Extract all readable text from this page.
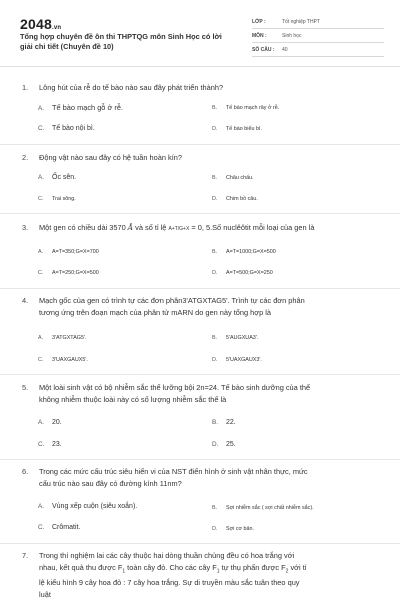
2048.vn
Tổng hợp chuyên đề ôn thi THPTQG môn Sinh Học có lời giải chi tiết (Chuyên đề 10)
LỚP :	Tốt nghiệp THPT
MÔN :	Sinh học
SỐ CÂU :	40
1. Lông hút của rễ do tế bào nào sau đây phát triển thành?
A. Tế bào mạch gỗ ở rễ.	B. Tế bào mạch rây ở rễ.
C. Tế bào nội bì.	D. Tế bào biểu bì.
2. Động vật nào sau đây có hệ tuần hoàn kín?
A. Ốc sên.	B. Châu chấu.
C. Trai sông.	D. Chim bồ câu.
3. Một gen có chiều dài 3570 Å và số tỉ lệ A+T/G+X = 0, 5.Số nuclêôtit mỗi loại của gen là
A. A=T=350;G=X=700	B. A=T=1000;G=X=500
C. A=T=250;G=X=500	D. A=T=500;G=X=250
4. Mạch gốc của gen có trình tự các đơn phân3'ATGXTAG5'. Trình tự các đơn phân
tương ứng trên đoạn mạch của phân tử mARN do gen này tổng hợp là
A. 3'ATGXTAG5'.	B. 5'AUGXUA3'.
C. 3'UAXGAUX5'.	D. 5'UAXGAUX3'.
5. Một loài sinh vật có bộ nhiễm sắc thể lưỡng bội 2n=24. Tế bào sinh dưỡng của thể
không nhiễm thuộc loài này có số lượng nhiễm sắc thể là
A. 20.	B. 22.
C. 23.	D. 25.
6. Trong các mức cấu trúc siêu hiển vi của NST điển hình ở sinh vật nhân thực, mức
cấu trúc nào sau đây có đường kính 11nm?
A. Vùng xếp cuộn (siêu xoắn).	B. Sợi nhiễm sắc ( sợi chất nhiễm sắc).
C. Crômatit.	D. Sợi cơ bản.
7. Trong thí nghiệm lai các cây thuộc hai dòng thuần chủng đều có hoa trắng với
nhau, kết quả thu được $F_1$ toàn cây đỏ. Cho các cây $F_1$ tự thụ phấn được $F_2$ với tỉ
lệ kiểu hình 9 cây hoa đỏ : 7 cây hoa trắng. Sự di truyền màu sắc tuân theo quy
luật
